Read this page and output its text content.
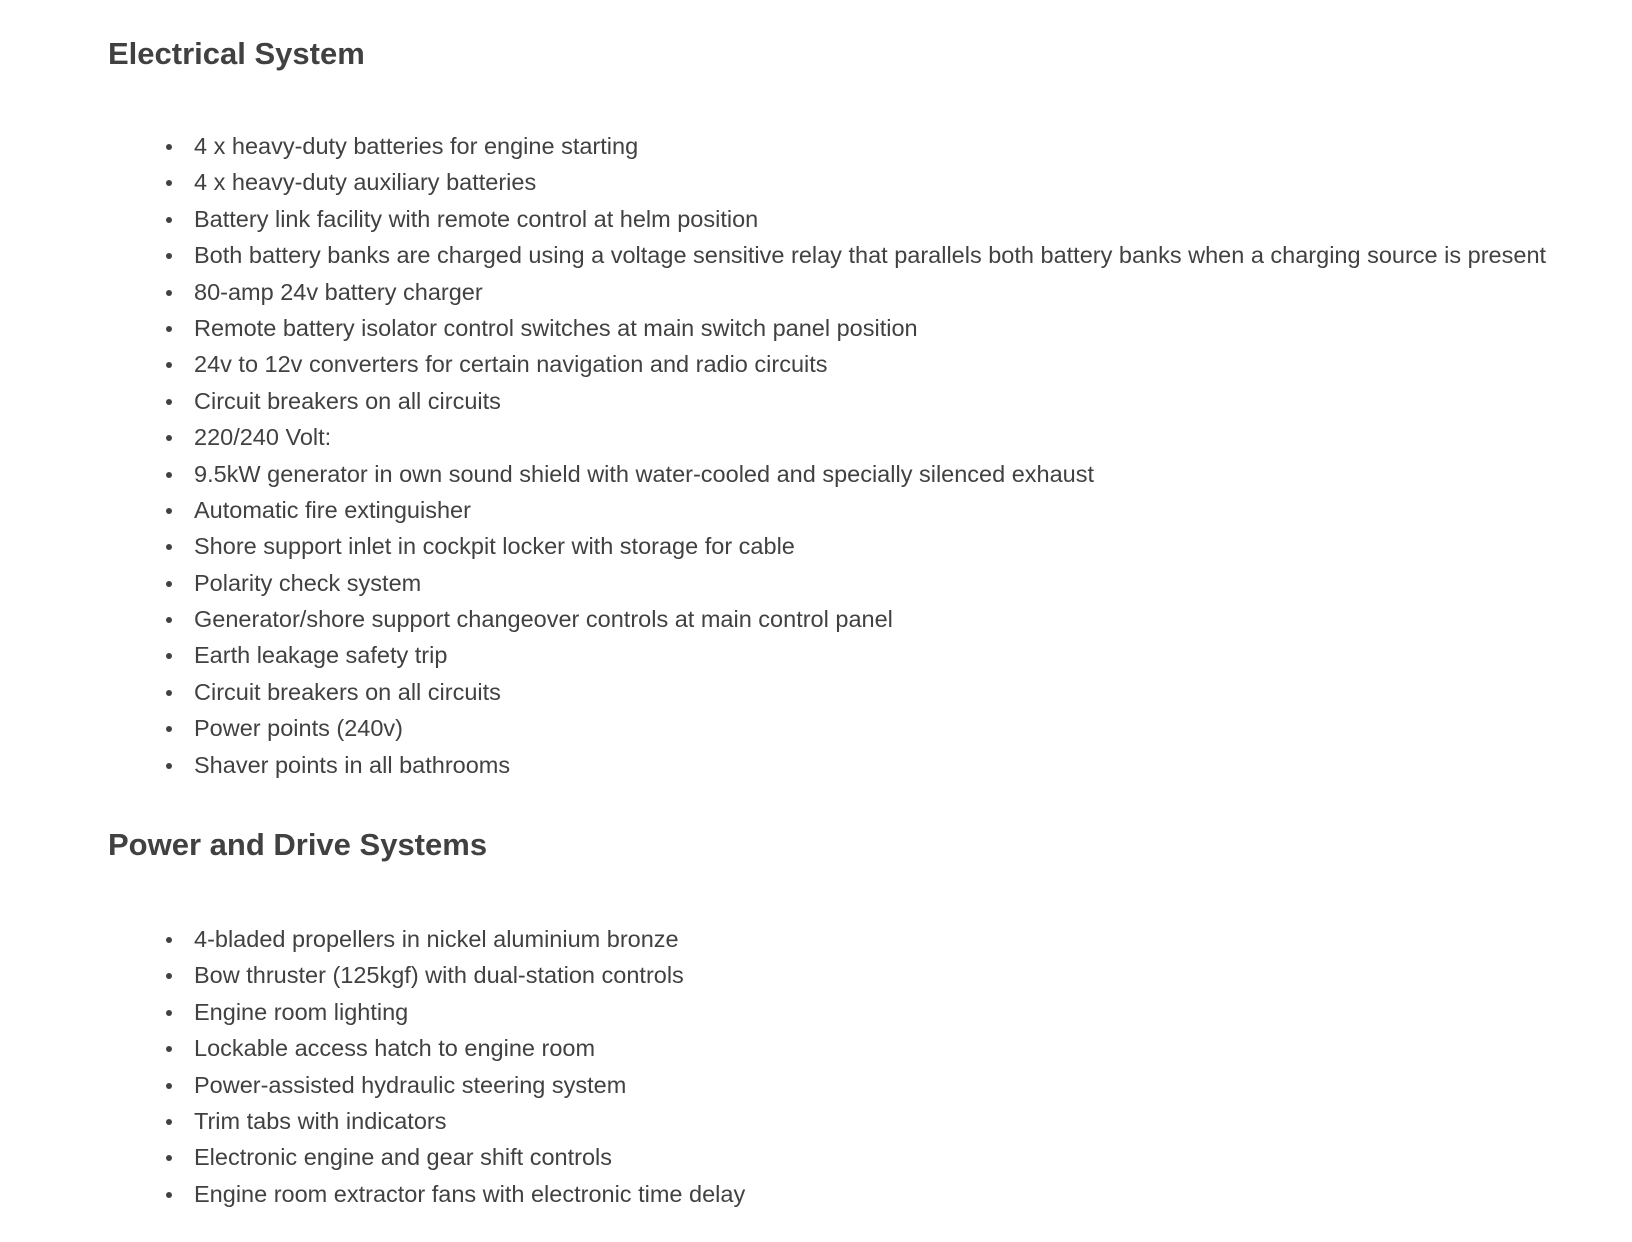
Electrical System
4 x heavy-duty batteries for engine starting
4 x heavy-duty auxiliary batteries
Battery link facility with remote control at helm position
Both battery banks are charged using a voltage sensitive relay that parallels both battery banks when a charging source is present
80-amp 24v battery charger
Remote battery isolator control switches at main switch panel position
24v to 12v converters for certain navigation and radio circuits
Circuit breakers on all circuits
220/240 Volt:
9.5kW generator in own sound shield with water-cooled and specially silenced exhaust
Automatic fire extinguisher
Shore support inlet in cockpit locker with storage for cable
Polarity check system
Generator/shore support changeover controls at main control panel
Earth leakage safety trip
Circuit breakers on all circuits
Power points (240v)
Shaver points in all bathrooms
Power and Drive Systems
4-bladed propellers in nickel aluminium bronze
Bow thruster (125kgf) with dual-station controls
Engine room lighting
Lockable access hatch to engine room
Power-assisted hydraulic steering system
Trim tabs with indicators
Electronic engine and gear shift controls
Engine room extractor fans with electronic time delay
